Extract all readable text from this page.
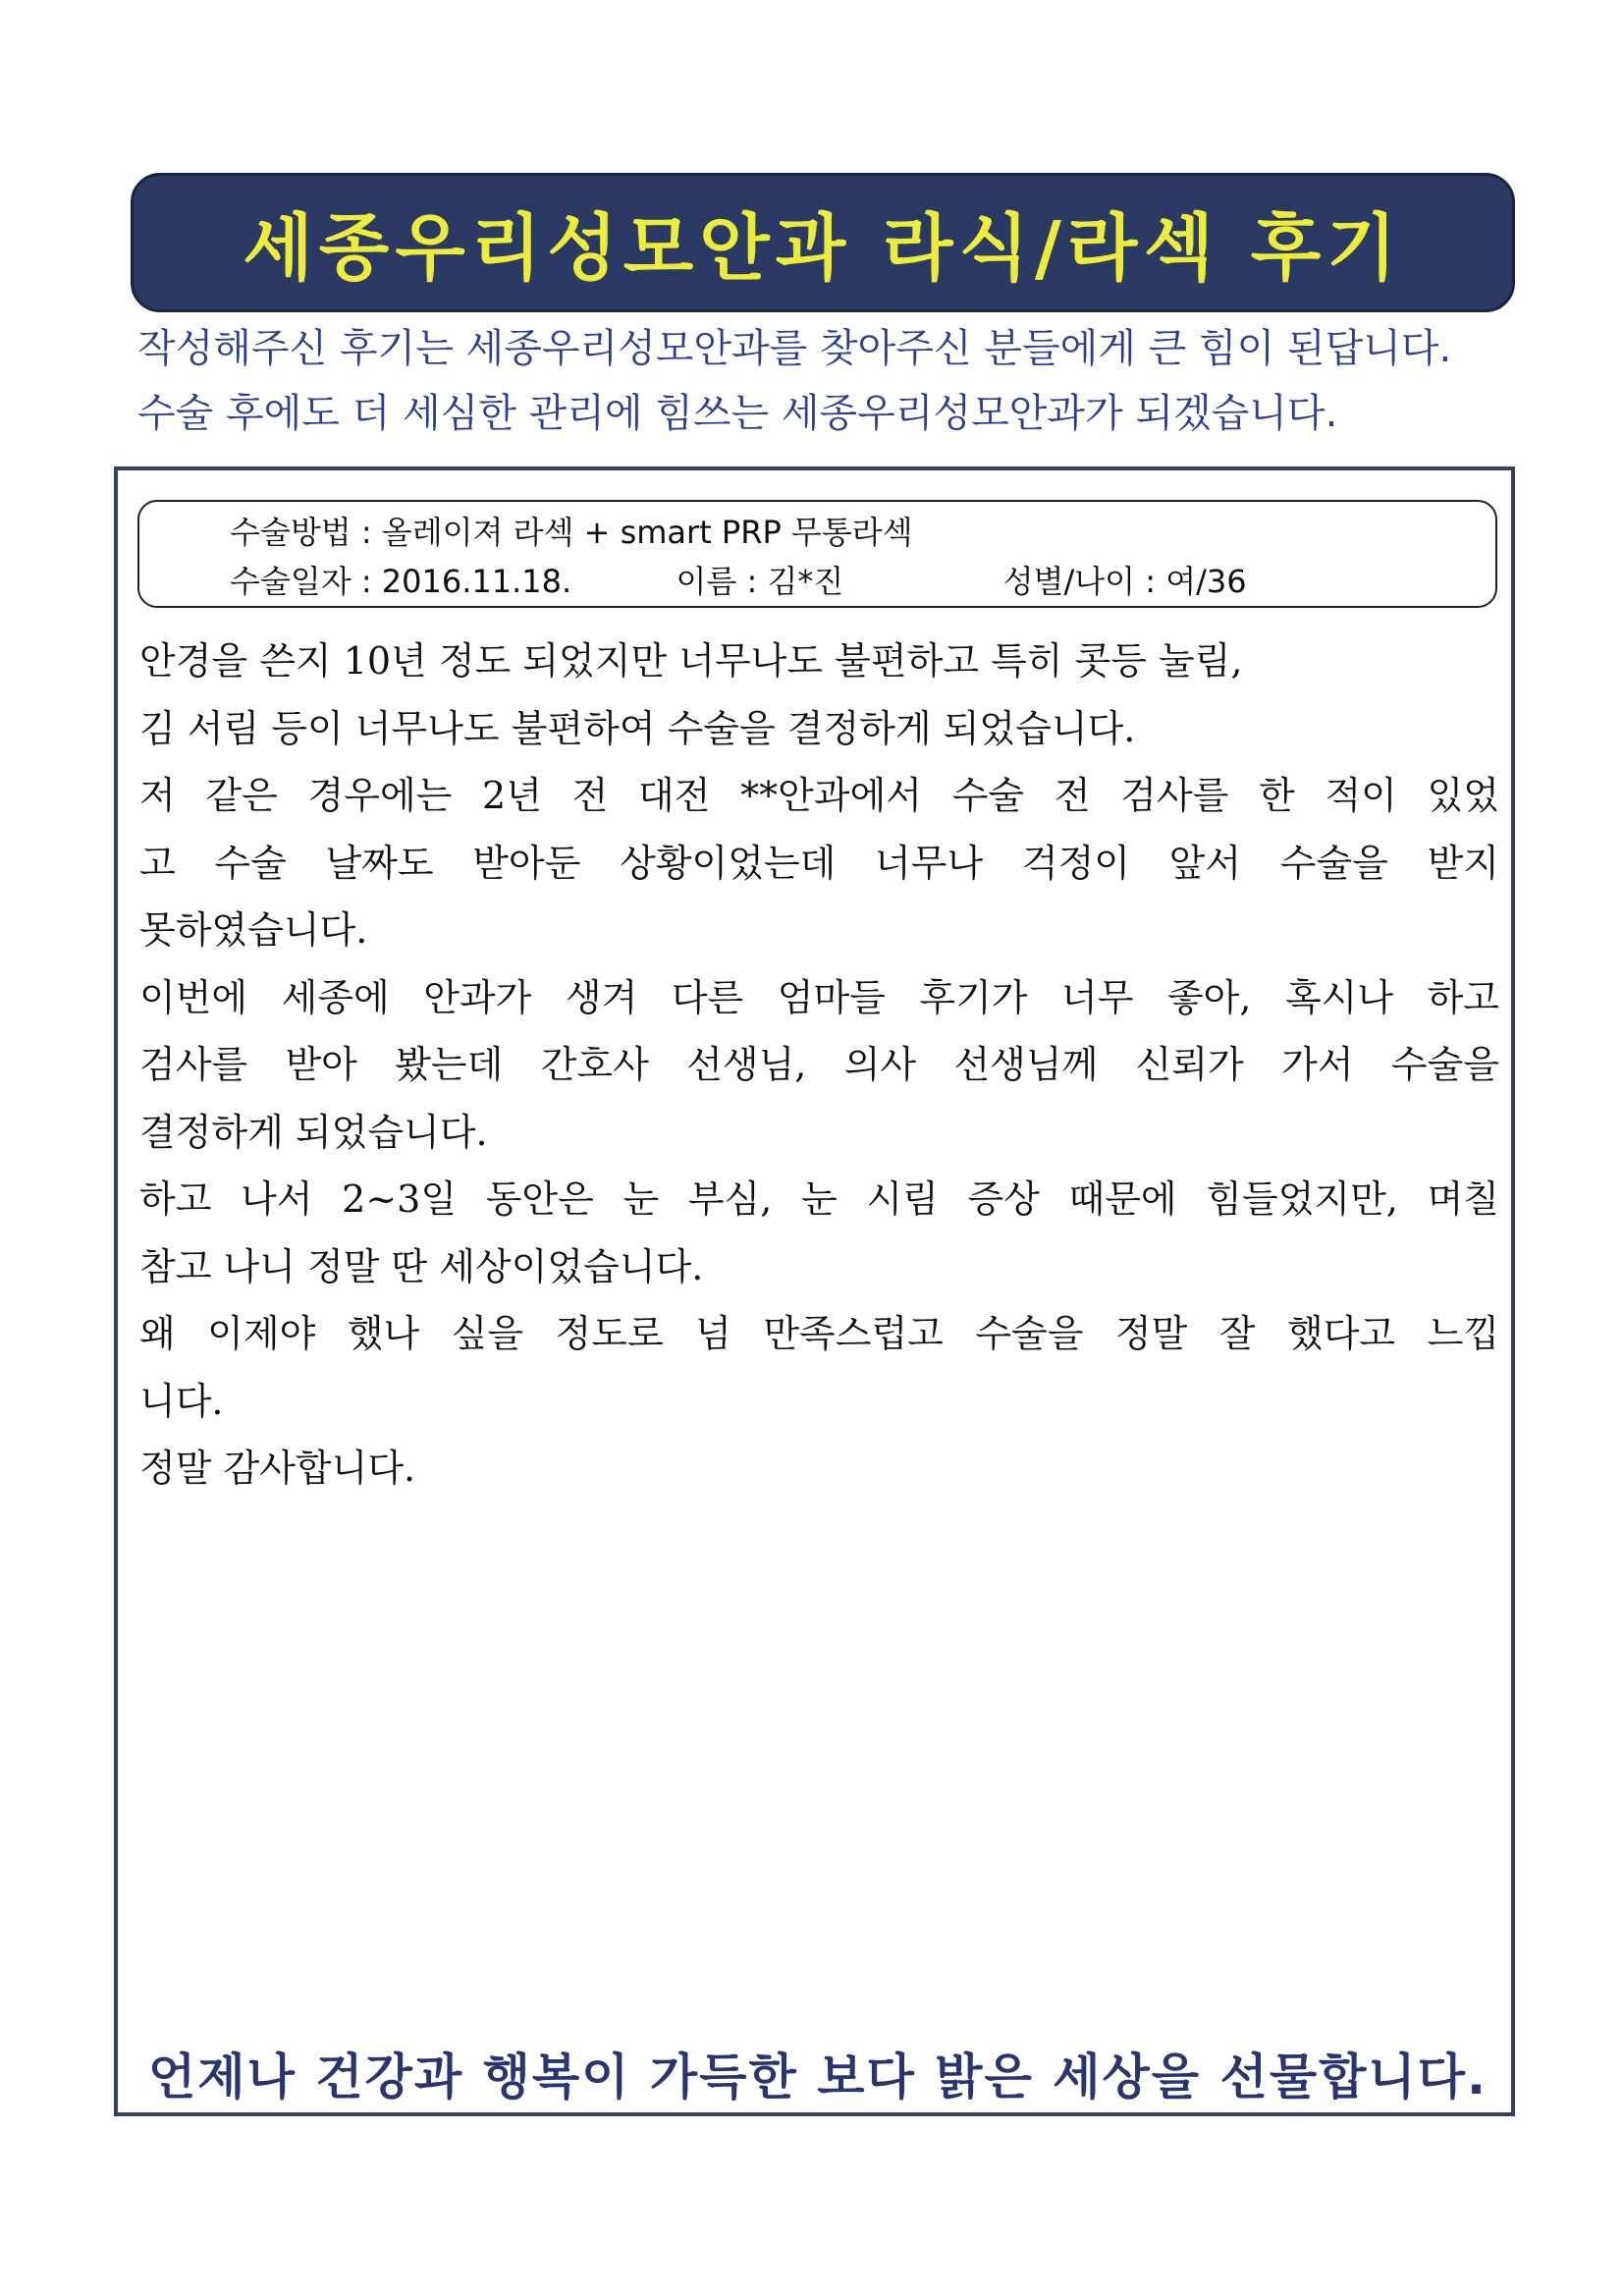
세종우리성모안과 라식/라섹 후기
작성해주신 후기는 세종우리성모안과를 찾아주신 분들에게 큰 힘이 된답니다.
수술 후에도 더 세심한 관리에 힘쓰는 세종우리성모안과가 되겠습니다.
수술방법 : 올레이져 라섹 + smart PRP 무통라섹
수술일자 : 2016.11.18.	이름 : 김*진	성별/나이 : 여/36
안경을 쓴지 10년 정도 되었지만 너무나도 불편하고 특히 콧등 눌림,
김 서림 등이 너무나도 불편하여 수술을 결정하게 되었습니다.
저 같은 경우에는 2년 전 대전 **안과에서 수술 전 검사를 한 적이 있었
고 수술 날짜도 받아둔 상황이었는데 너무나 걱정이 앞서 수술을 받지
못하였습니다.
이번에 세종에 안과가 생겨 다른 엄마들 후기가 너무 좋아, 혹시나 하고
검사를 받아 봤는데 간호사 선생님, 의사 선생님께 신뢰가 가서 수술을
결정하게 되었습니다.
하고 나서 2~3일 동안은 눈 부심, 눈 시림 증상 때문에 힘들었지만, 며칠
참고 나니 정말 딴 세상이었습니다.
왜 이제야 했나 싶을 정도로 넘 만족스럽고 수술을 정말 잘 했다고 느낍
니다.
정말 감사합니다.
언제나 건강과 행복이 가득한 보다 밝은 세상을 선물합니다.
